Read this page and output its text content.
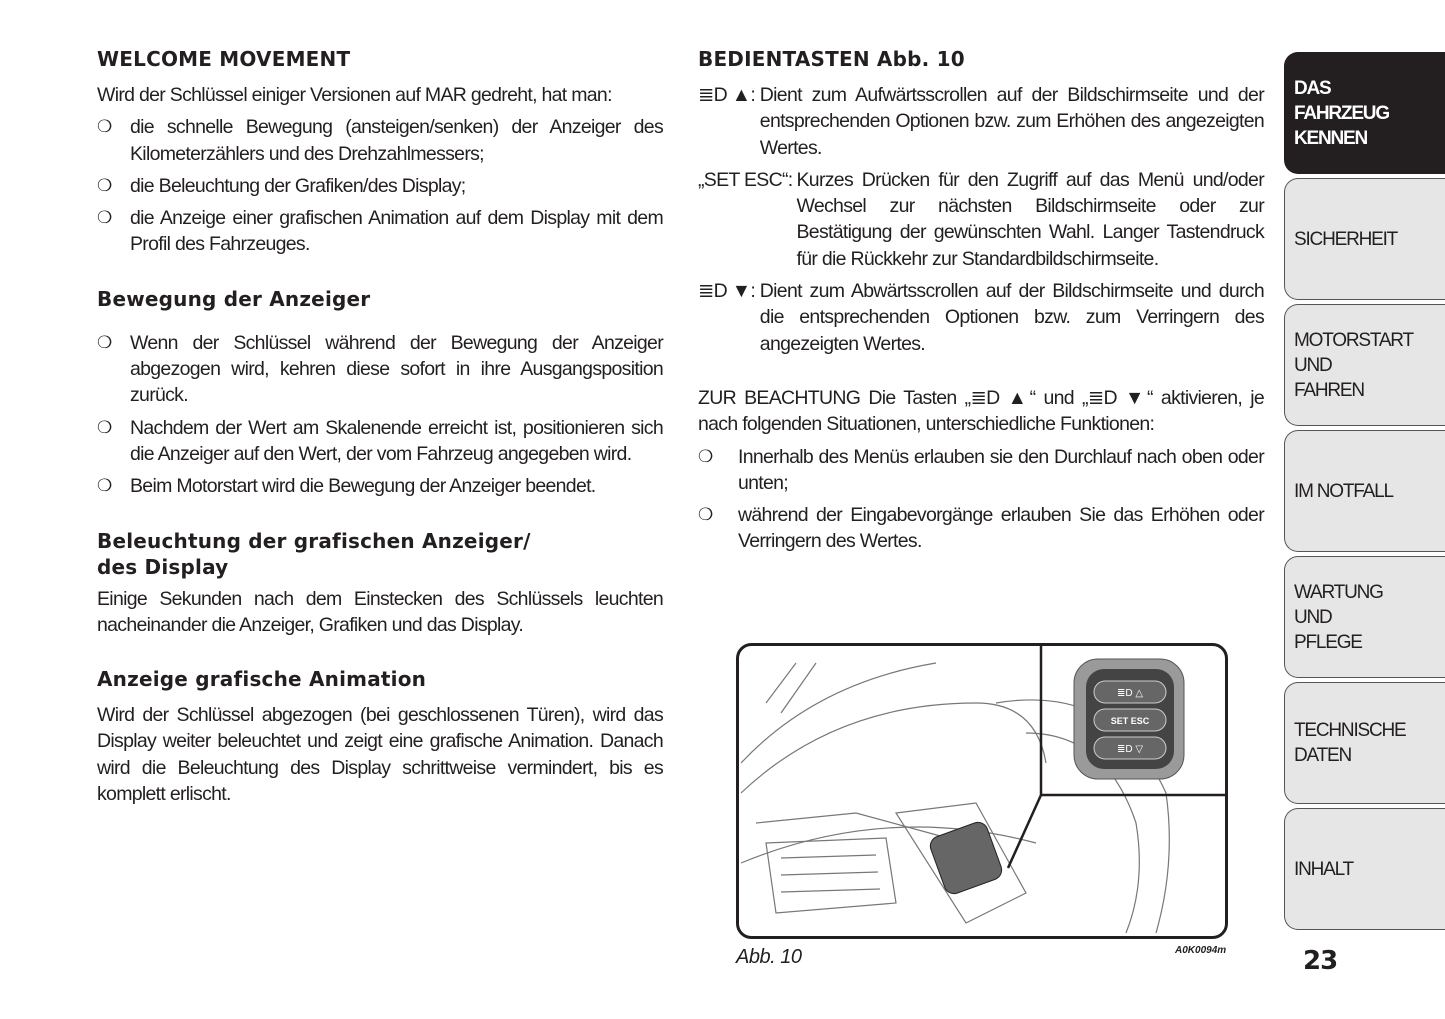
WELCOME MOVEMENT

Wird der Schlüssel einiger Versionen auf MAR gedreht, hat man:

❍ die schnelle Bewegung (ansteigen/senken) der Anzeiger des Kilometerzählers und des Drehzahlmessers;
❍ die Beleuchtung der Grafiken/des Display;
❍ die Anzeige einer grafischen Animation auf dem Display mit dem Profil des Fahrzeuges.
Bewegung der Anzeiger
❍ Wenn der Schlüssel während der Bewegung der Anzeiger abgezogen wird, kehren diese sofort in ihre Ausgangsposition zurück.
❍ Nachdem der Wert am Skalenende erreicht ist, positionieren sich die Anzeiger auf den Wert, der vom Fahrzeug angegeben wird.
❍ Beim Motorstart wird die Bewegung der Anzeiger beendet.
Beleuchtung der grafischen Anzeiger/ des Display

Einige Sekunden nach dem Einstecken des Schlüssels leuchten nacheinander die Anzeiger, Grafiken und das Display.

Anzeige grafische Animation

Wird der Schlüssel abgezogen (bei geschlossenen Türen), wird das Display weiter beleuchtet und zeigt eine grafische Animation. Danach wird die Beleuchtung des Display schrittweise vermindert, bis es komplett erlischt.

BEDIENTASTEN Abb. 10
≣D ▲: Dient zum Aufwärtsscrollen auf der Bildschirmseite und der entsprechenden Optionen bzw. zum Erhöhen des angezeigten Wertes.
„SET ESC“: Kurzes Drücken für den Zugriff auf das Menü und/oder Wechsel zur nächsten Bildschirmseite oder zur Bestätigung der gewünschten Wahl. Langer Tastendruck für die Rückkehr zur Standardbildschirmseite.
≣D ▼: Dient zum Abwärtsscrollen auf der Bildschirmseite und durch die entsprechenden Optionen bzw. zum Verringern des angezeigten Wertes.

ZUR BEACHTUNG Die Tasten „≣D ▲“ und „≣D ▼“ aktivieren, je nach folgenden Situationen, unterschiedliche Funktionen:

❍	Innerhalb des Menüs erlauben sie den Durchlauf nach oben oder unten;
❍	während der Eingabevorgänge erlauben Sie das Erhöhen oder Verringern des Wertes.
≣D △
SET ESC
≣D ▽
Abb. 10	A0K0094m
DAS FAHRZEUG KENNEN
SICHERHEIT
MOTORSTART UND FAHREN
IM NOTFALL
WARTUNG UND PFLEGE
TECHNISCHE DATEN
INHALT
23
